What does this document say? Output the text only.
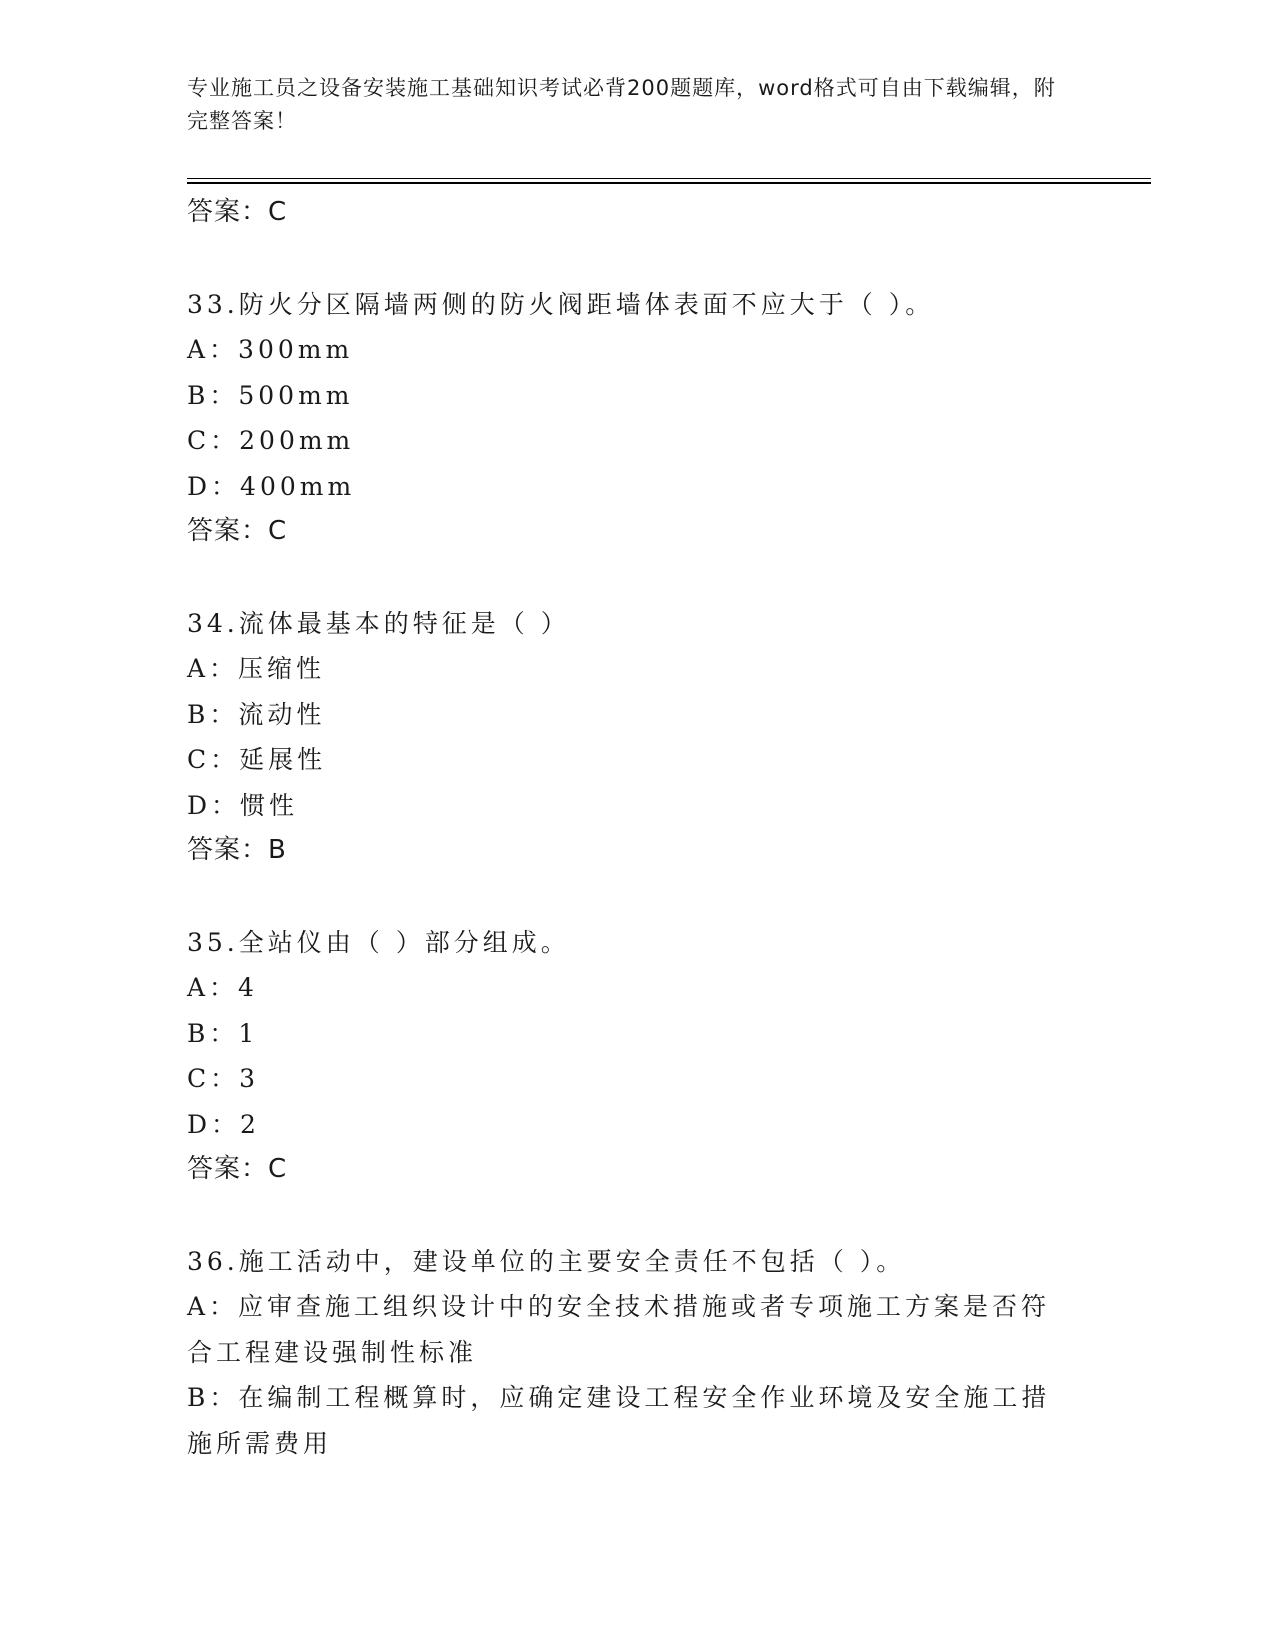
专业施工员之设备安装施工基础知识考试必背200题题库，word格式可自由下载编辑，附完整答案！
答案：C
33.防火分区隔墙两侧的防火阀距墙体表面不应大于（ ）。
A：300mm
B：500mm
C：200mm
D：400mm
答案：C
34.流体最基本的特征是（ ）
A：压缩性
B：流动性
C：延展性
D：惯性
答案：B
35.全站仪由（ ）部分组成。
A：4
B：1
C：3
D：2
答案：C
36.施工活动中，建设单位的主要安全责任不包括（ ）。
A：应审查施工组织设计中的安全技术措施或者专项施工方案是否符合工程建设强制性标准
B：在编制工程概算时，应确定建设工程安全作业环境及安全施工措施所需费用
